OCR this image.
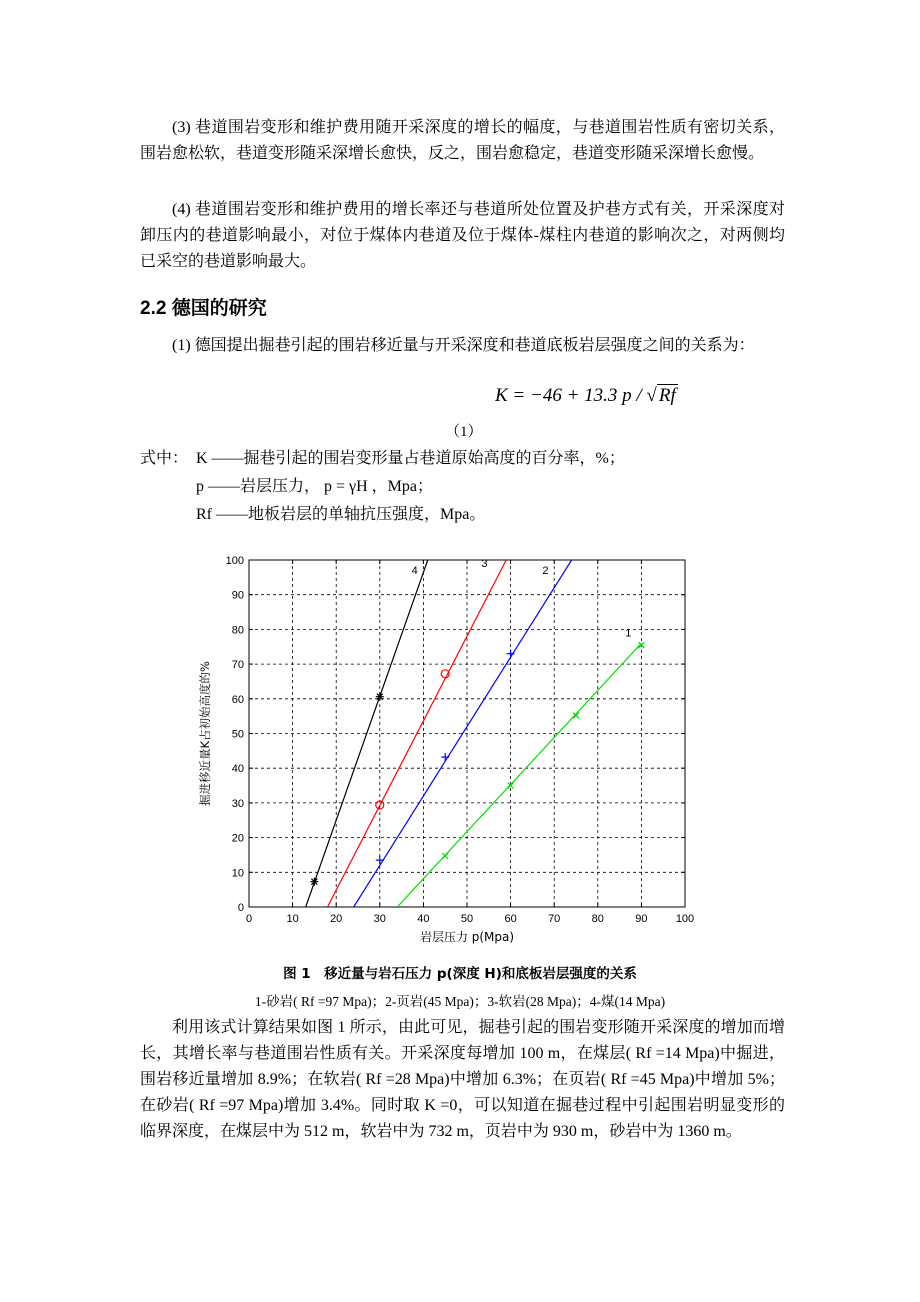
(3) 巷道围岩变形和维护费用随开采深度的增长的幅度，与巷道围岩性质有密切关系，围岩愈松软，巷道变形随采深增长愈快，反之，围岩愈稳定，巷道变形随采深增长愈慢。

(4) 巷道围岩变形和维护费用的增长率还与巷道所处位置及护巷方式有关，开采深度对卸压内的巷道影响最小，对位于煤体内巷道及位于煤体-煤柱内巷道的影响次之，对两侧均已采空的巷道影响最大。

2.2 德国的研究

(1) 德国提出掘巷引起的围岩移近量与开采深度和巷道底板岩层强度之间的关系为：

K = −46 + 13.3 p / √ Rf
（1）
式中： K ——掘巷引起的围岩变形量占巷道原始高度的百分率，%；
p ——岩层压力， p = γH ，Mpa；
Rf ——地板岩层的单轴抗压强度，Mpa。
0	10	20	30	40	50	60	70	80	90	100
0
10
20
30
40
50
60
70
80
90
100
岩层压力 p(Mpa)
掘进移近量K占初始高度的%
1
2
3
4
图 1　移近量与岩石压力 p(深度 H)和底板岩层强度的关系
1-砂岩( Rf =97 Mpa)；2-页岩(45 Mpa)；3-软岩(28 Mpa)；4-煤(14 Mpa)

利用该式计算结果如图 1 所示，由此可见，掘巷引起的围岩变形随开采深度的增加而增长，其增长率与巷道围岩性质有关。开采深度每增加 100 m，在煤层( Rf =14 Mpa)中掘进，围岩移近量增加 8.9%；在软岩( Rf =28 Mpa)中增加 6.3%；在页岩( Rf =45 Mpa)中增加 5%；在砂岩( Rf =97 Mpa)增加 3.4%。同时取 K =0，可以知道在掘巷过程中引起围岩明显变形的临界深度，在煤层中为 512 m，软岩中为 732 m，页岩中为 930 m，砂岩中为 1360 m。
